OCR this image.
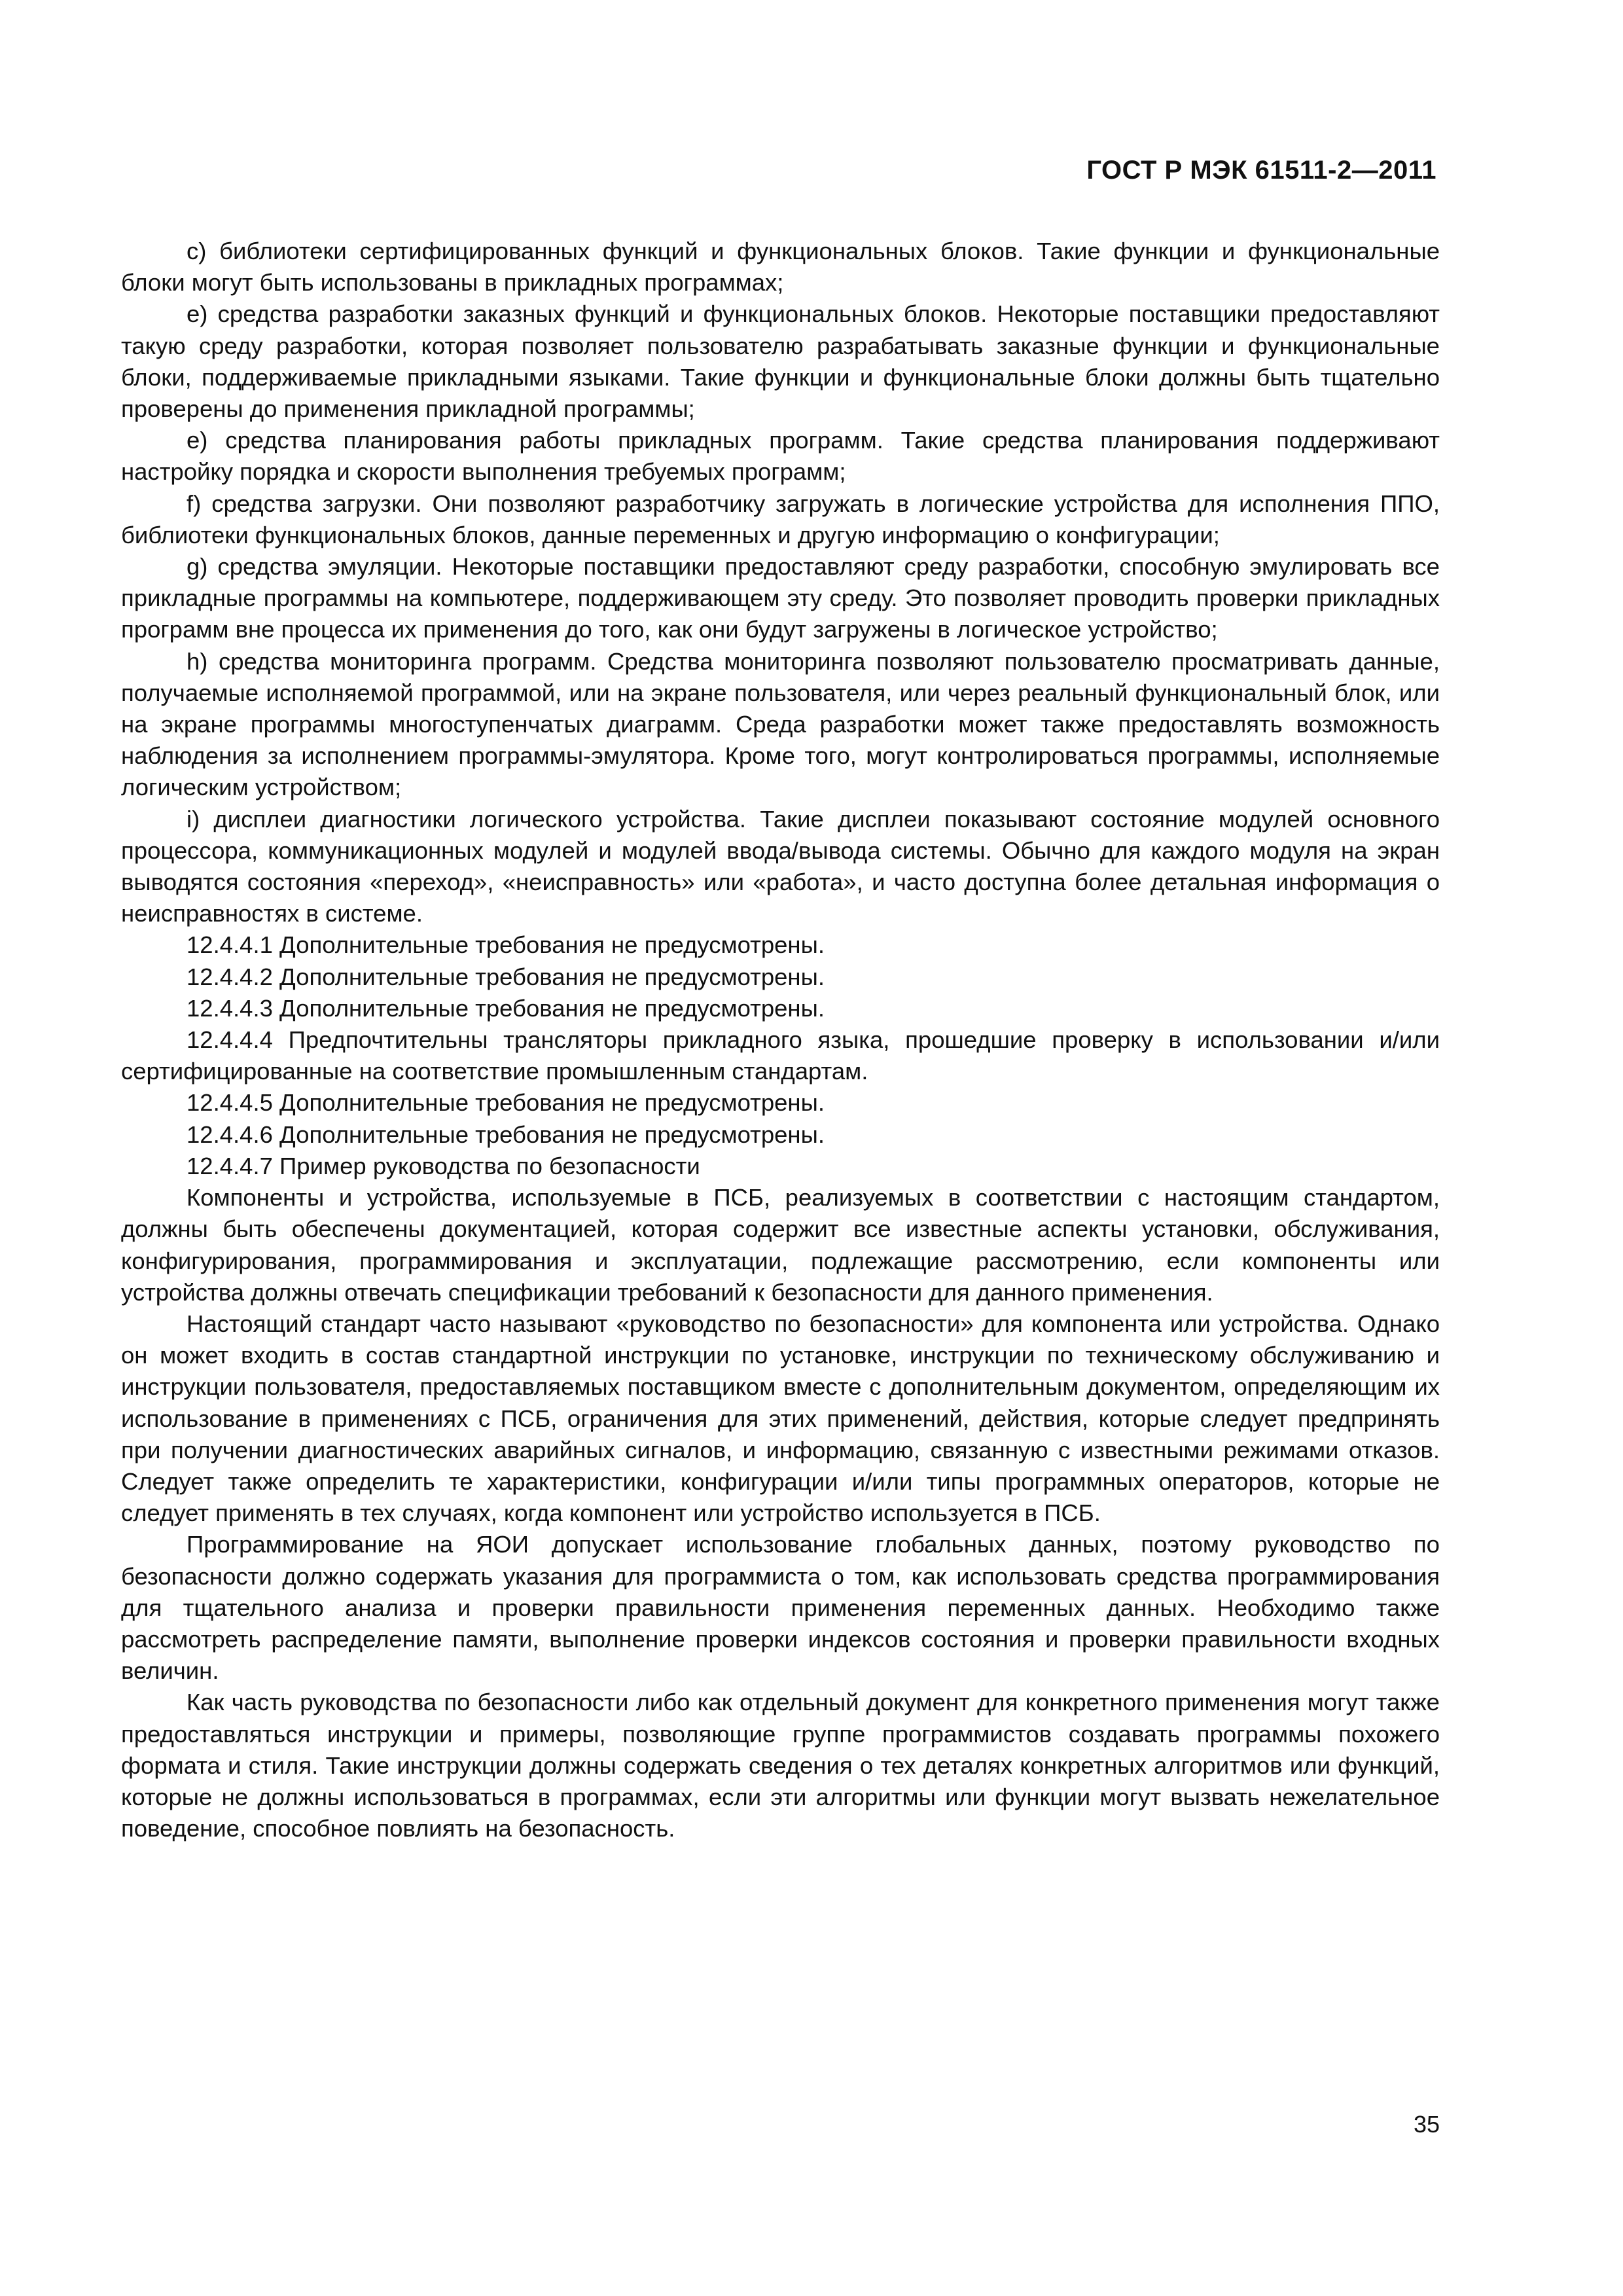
ГОСТ Р МЭК 61511-2—2011

c) библиотеки сертифицированных функций и функциональных блоков. Такие функции и функциональные блоки могут быть использованы в прикладных программах;

e) средства разработки заказных функций и функциональных блоков. Некоторые поставщики предоставляют такую среду разработки, которая позволяет пользователю разрабатывать заказные функции и функциональные блоки, поддерживаемые прикладными языками. Такие функции и функциональные блоки должны быть тщательно проверены до применения прикладной программы;

e) средства планирования работы прикладных программ. Такие средства планирования поддерживают настройку порядка и скорости выполнения требуемых программ;

f) средства загрузки. Они позволяют разработчику загружать в логические устройства для исполнения ППО, библиотеки функциональных блоков, данные переменных и другую информацию о конфигурации;

g) средства эмуляции. Некоторые поставщики предоставляют среду разработки, способную эмулировать все прикладные программы на компьютере, поддерживающем эту среду. Это позволяет проводить проверки прикладных программ вне процесса их применения до того, как они будут загружены в логическое устройство;

h) средства мониторинга программ. Средства мониторинга позволяют пользователю просматривать данные, получаемые исполняемой программой, или на экране пользователя, или через реальный функциональный блок, или на экране программы многоступенчатых диаграмм. Среда разработки может также предоставлять возможность наблюдения за исполнением программы-эмулятора. Кроме того, могут контролироваться программы, исполняемые логическим устройством;

i) дисплеи диагностики логического устройства. Такие дисплеи показывают состояние модулей основного процессора, коммуникационных модулей и модулей ввода/вывода системы. Обычно для каждого модуля на экран выводятся состояния «переход», «неисправность» или «работа», и часто доступна более детальная информация о неисправностях в системе.

12.4.4.1 Дополнительные требования не предусмотрены.

12.4.4.2 Дополнительные требования не предусмотрены.

12.4.4.3 Дополнительные требования не предусмотрены.

12.4.4.4 Предпочтительны трансляторы прикладного языка, прошедшие проверку в использовании и/или сертифицированные на соответствие промышленным стандартам.

12.4.4.5 Дополнительные требования не предусмотрены.

12.4.4.6 Дополнительные требования не предусмотрены.

12.4.4.7 Пример руководства по безопасности

Компоненты и устройства, используемые в ПСБ, реализуемых в соответствии с настоящим стандартом, должны быть обеспечены документацией, которая содержит все известные аспекты установки, обслуживания, конфигурирования, программирования и эксплуатации, подлежащие рассмотрению, если компоненты или устройства должны отвечать спецификации требований к безопасности для данного применения.

Настоящий стандарт часто называют «руководство по безопасности» для компонента или устройства. Однако он может входить в состав стандартной инструкции по установке, инструкции по техническому обслуживанию и инструкции пользователя, предоставляемых поставщиком вместе с дополнительным документом, определяющим их использование в применениях с ПСБ, ограничения для этих применений, действия, которые следует предпринять при получении диагностических аварийных сигналов, и информацию, связанную с известными режимами отказов. Следует также определить те характеристики, конфигурации и/или типы программных операторов, которые не следует применять в тех случаях, когда компонент или устройство используется в ПСБ.

Программирование на ЯОИ допускает использование глобальных данных, поэтому руководство по безопасности должно содержать указания для программиста о том, как использовать средства программирования для тщательного анализа и проверки правильности применения переменных данных. Необходимо также рассмотреть распределение памяти, выполнение проверки индексов состояния и проверки правильности входных величин.

Как часть руководства по безопасности либо как отдельный документ для конкретного применения могут также предоставляться инструкции и примеры, позволяющие группе программистов создавать программы похожего формата и стиля. Такие инструкции должны содержать сведения о тех деталях конкретных алгоритмов или функций, которые не должны использоваться в программах, если эти алгоритмы или функции могут вызвать нежелательное поведение, способное повлиять на безопасность.

35
